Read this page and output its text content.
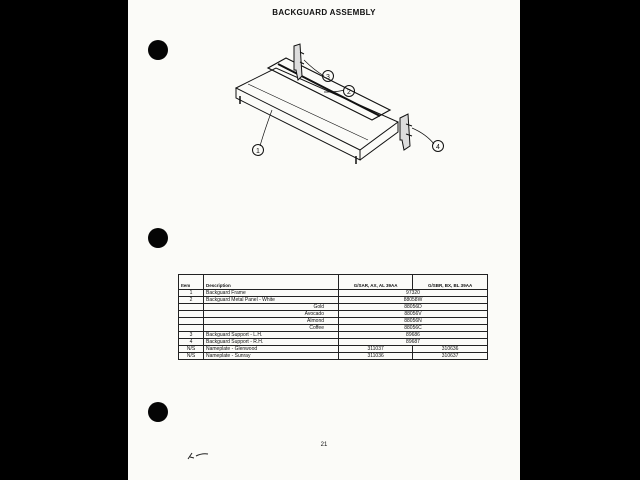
BACKGUARD ASSEMBLY
3
2
1
4
Item	Description	G/SAR, AX, AL 39AA	G/SBR, BX, BL 39AA
1	Backguard Frame	97320	
2	Backguard Metal Panel - White	88058W	
	Gold	88056D	
	Avocado	88056V	
	Almond	88056N	
	Coffee	88056C	
3	Backguard Support - L.H.	89686	
4	Backguard Support - R.H.	89687	
N/S	Nameplate - Glenwood	311037	310636
N/S	Nameplate - Sunray	311036	310637
21
